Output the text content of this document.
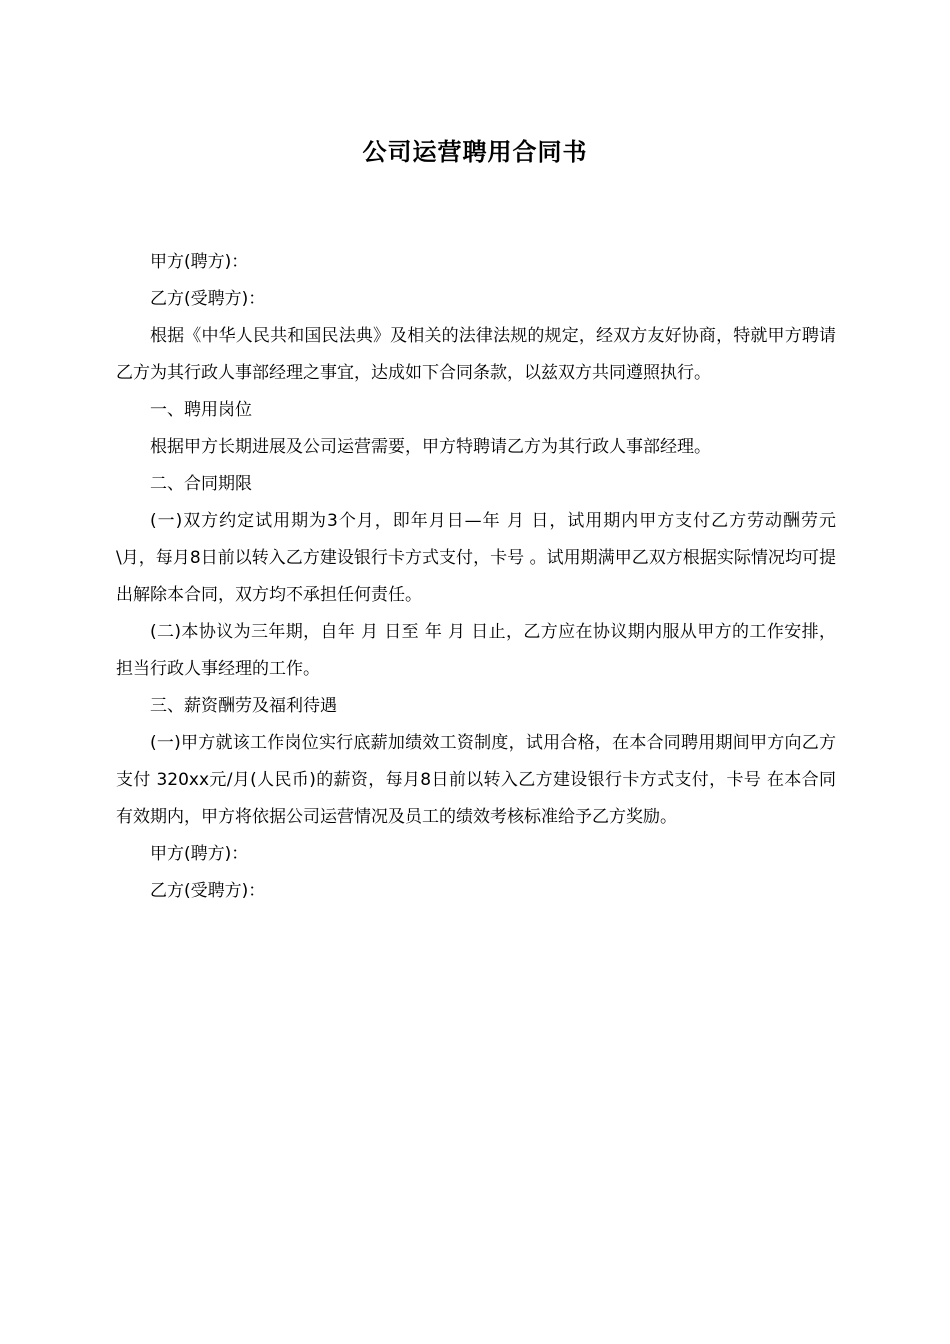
公司运营聘用合同书

甲方(聘方)：

乙方(受聘方)：

根据《中华人民共和国民法典》及相关的法律法规的规定，经双方友好协商，特就甲方聘请乙方为其行政人事部经理之事宜，达成如下合同条款，以兹双方共同遵照执行。

一、聘用岗位

根据甲方长期进展及公司运营需要，甲方特聘请乙方为其行政人事部经理。

二、合同期限

(一)双方约定试用期为3个月，即年月日—年 月 日，试用期内甲方支付乙方劳动酬劳元\月，每月8日前以转入乙方建设银行卡方式支付，卡号 。试用期满甲乙双方根据实际情况均可提出解除本合同，双方均不承担任何责任。

(二)本协议为三年期，自年 月 日至 年 月 日止，乙方应在协议期内服从甲方的工作安排，担当行政人事经理的工作。

三、薪资酬劳及福利待遇

(一)甲方就该工作岗位实行底薪加绩效工资制度，试用合格，在本合同聘用期间甲方向乙方支付 320xx元/月(人民币)的薪资，每月8日前以转入乙方建设银行卡方式支付，卡号 在本合同有效期内，甲方将依据公司运营情况及员工的绩效考核标准给予乙方奖励。

甲方(聘方)：

乙方(受聘方)：
